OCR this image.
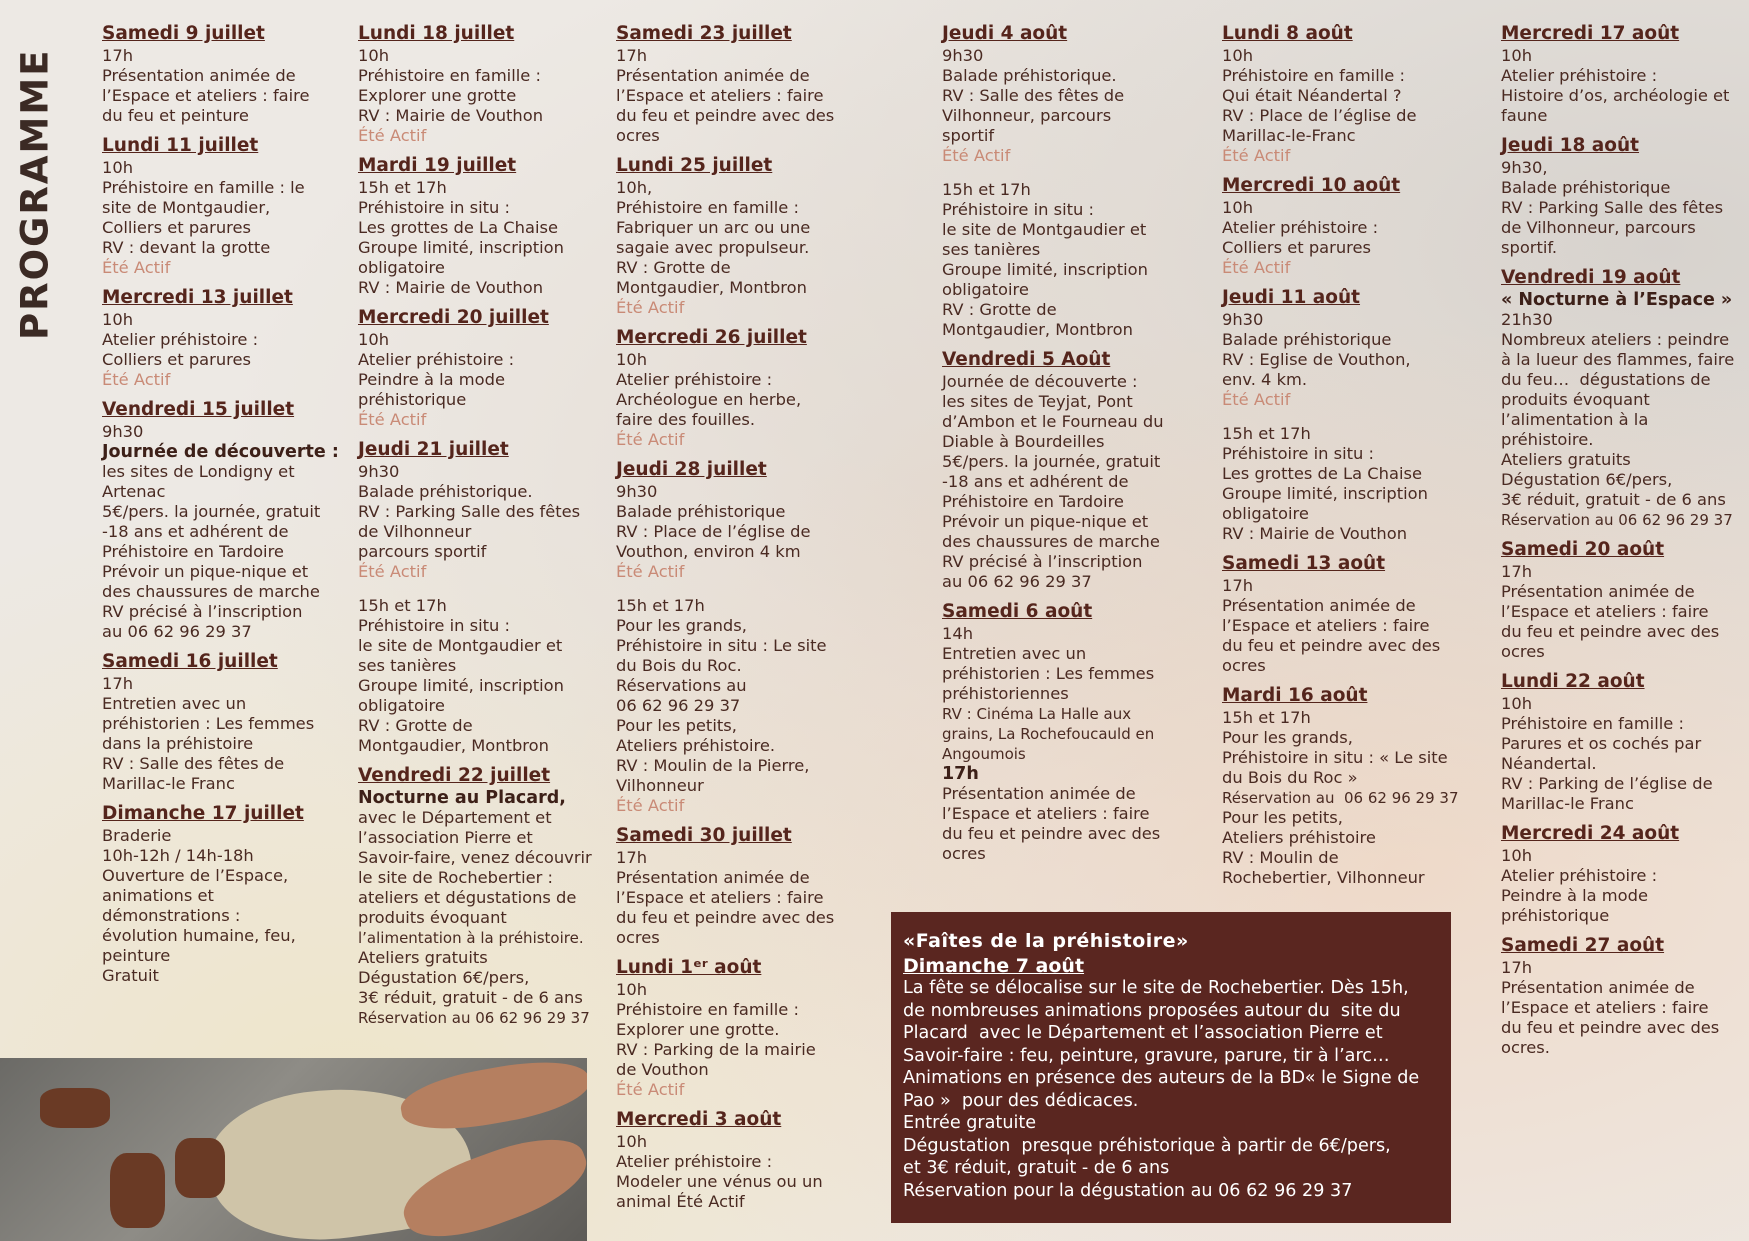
PROGRAMME
Samedi 9 juillet
17h
Présentation animée de
l’Espace et ateliers : faire
du feu et peinture
Lundi 11 juillet
10h
Préhistoire en famille : le
site de Montgaudier,
Colliers et parures
RV : devant la grotte
Été Actif
Mercredi 13 juillet
10h
Atelier préhistoire :
Colliers et parures
Été Actif
Vendredi 15 juillet
9h30
Journée de découverte :
les sites de Londigny et
Artenac
5€/pers. la journée, gratuit
-18 ans et adhérent de
Préhistoire en Tardoire
Prévoir un pique-nique et
des chaussures de marche
RV précisé à l’inscription
au 06 62 96 29 37
Samedi 16 juillet
17h
Entretien avec un
préhistorien : Les femmes
dans la préhistoire
RV : Salle des fêtes de
Marillac-le Franc
Dimanche 17 juillet
Braderie
10h-12h / 14h-18h
Ouverture de l’Espace,
animations et
démonstrations :
évolution humaine, feu,
peinture
Gratuit
Lundi 18 juillet
10h
Préhistoire en famille :
Explorer une grotte
RV : Mairie de Vouthon
Été Actif
Mardi 19 juillet
15h et 17h
Préhistoire in situ :
Les grottes de La Chaise
Groupe limité, inscription
obligatoire
RV : Mairie de Vouthon
Mercredi 20 juillet
10h
Atelier préhistoire :
Peindre à la mode
préhistorique
Été Actif
Jeudi 21 juillet
9h30
Balade préhistorique.
RV : Parking Salle des fêtes
de Vilhonneur
parcours sportif
Été Actif
15h et 17h
Préhistoire in situ :
le site de Montgaudier et
ses tanières
Groupe limité, inscription
obligatoire
RV : Grotte de
Montgaudier, Montbron
Vendredi 22 juillet
Nocturne au Placard,
avec le Département et
l’association Pierre et
Savoir-faire, venez découvrir
le site de Rochebertier :
ateliers et dégustations de
produits évoquant
l’alimentation à la préhistoire.
Ateliers gratuits
Dégustation 6€/pers,
3€ réduit, gratuit - de 6 ans
Réservation au 06 62 96 29 37
Samedi 23 juillet
17h
Présentation animée de
l’Espace et ateliers : faire
du feu et peindre avec des
ocres
Lundi 25 juillet
10h,
Préhistoire en famille :
Fabriquer un arc ou une
sagaie avec propulseur.
RV : Grotte de
Montgaudier, Montbron
Été Actif
Mercredi 26 juillet
10h
Atelier préhistoire :
Archéologue en herbe,
faire des fouilles.
Été Actif
Jeudi 28 juillet
9h30
Balade préhistorique
RV : Place de l’église de
Vouthon, environ 4 km
Été Actif
15h et 17h
Pour les grands,
Préhistoire in situ : Le site
du Bois du Roc.
Réservations au
06 62 96 29 37
Pour les petits,
Ateliers préhistoire.
RV : Moulin de la Pierre,
Vilhonneur
Été Actif
Samedi 30 juillet
17h
Présentation animée de
l’Espace et ateliers : faire
du feu et peindre avec des
ocres
Lundi 1ᵉʳ août
10h
Préhistoire en famille :
Explorer une grotte.
RV : Parking de la mairie
de Vouthon
Été Actif
Mercredi 3 août
10h
Atelier préhistoire :
Modeler une vénus ou un
animal Été Actif
Jeudi 4 août
9h30
Balade préhistorique.
RV : Salle des fêtes de
Vilhonneur, parcours
sportif
Été Actif
15h et 17h
Préhistoire in situ :
le site de Montgaudier et
ses tanières
Groupe limité, inscription
obligatoire
RV : Grotte de
Montgaudier, Montbron
Vendredi 5 Août
Journée de découverte :
les sites de Teyjat, Pont
d’Ambon et le Fourneau du
Diable à Bourdeilles
5€/pers. la journée, gratuit
-18 ans et adhérent de
Préhistoire en Tardoire
Prévoir un pique-nique et
des chaussures de marche
RV précisé à l’inscription
au 06 62 96 29 37
Samedi 6 août
14h
Entretien avec un
préhistorien : Les femmes
préhistoriennes
RV : Cinéma La Halle aux
grains, La Rochefoucauld en
Angoumois
17h
Présentation animée de
l’Espace et ateliers : faire
du feu et peindre avec des
ocres
Lundi 8 août
10h
Préhistoire en famille :
Qui était Néandertal ?
RV : Place de l’église de
Marillac-le-Franc
Été Actif
Mercredi 10 août
10h
Atelier préhistoire :
Colliers et parures
Été Actif
Jeudi 11 août
9h30
Balade préhistorique
RV : Eglise de Vouthon,
env. 4 km.
Été Actif
15h et 17h
Préhistoire in situ :
Les grottes de La Chaise
Groupe limité, inscription
obligatoire
RV : Mairie de Vouthon
Samedi 13 août
17h
Présentation animée de
l’Espace et ateliers : faire
du feu et peindre avec des
ocres
Mardi 16 août
15h et 17h
Pour les grands,
Préhistoire in situ : « Le site
du Bois du Roc »
Réservation au  06 62 96 29 37
Pour les petits,
Ateliers préhistoire
RV : Moulin de
Rochebertier, Vilhonneur
Mercredi 17 août
10h
Atelier préhistoire :
Histoire d’os, archéologie et
faune
Jeudi 18 août
9h30,
Balade préhistorique
RV : Parking Salle des fêtes
de Vilhonneur, parcours
sportif.
Vendredi 19 août
« Nocturne à l’Espace »
21h30
Nombreux ateliers : peindre
à la lueur des flammes, faire
du feu…  dégustations de
produits évoquant
l’alimentation à la
préhistoire.
Ateliers gratuits
Dégustation 6€/pers,
3€ réduit, gratuit - de 6 ans
Réservation au 06 62 96 29 37
Samedi 20 août
17h
Présentation animée de
l’Espace et ateliers : faire
du feu et peindre avec des
ocres
Lundi 22 août
10h
Préhistoire en famille :
Parures et os cochés par
Néandertal.
RV : Parking de l’église de
Marillac-le Franc
Mercredi 24 août
10h
Atelier préhistoire :
Peindre à la mode
préhistorique
Samedi 27 août
17h
Présentation animée de
l’Espace et ateliers : faire
du feu et peindre avec des
ocres.
«Faîtes de la préhistoire»
Dimanche 7 août
La fête se délocalise sur le site de Rochebertier. Dès 15h,
de nombreuses animations proposées autour du  site du
Placard  avec le Département et l’association Pierre et
Savoir-faire : feu, peinture, gravure, parure, tir à l’arc…
Animations en présence des auteurs de la BD« le Signe de
Pao »  pour des dédicaces.
Entrée gratuite
Dégustation  presque préhistorique à partir de 6€/pers,
et 3€ réduit, gratuit - de 6 ans
Réservation pour la dégustation au 06 62 96 29 37
